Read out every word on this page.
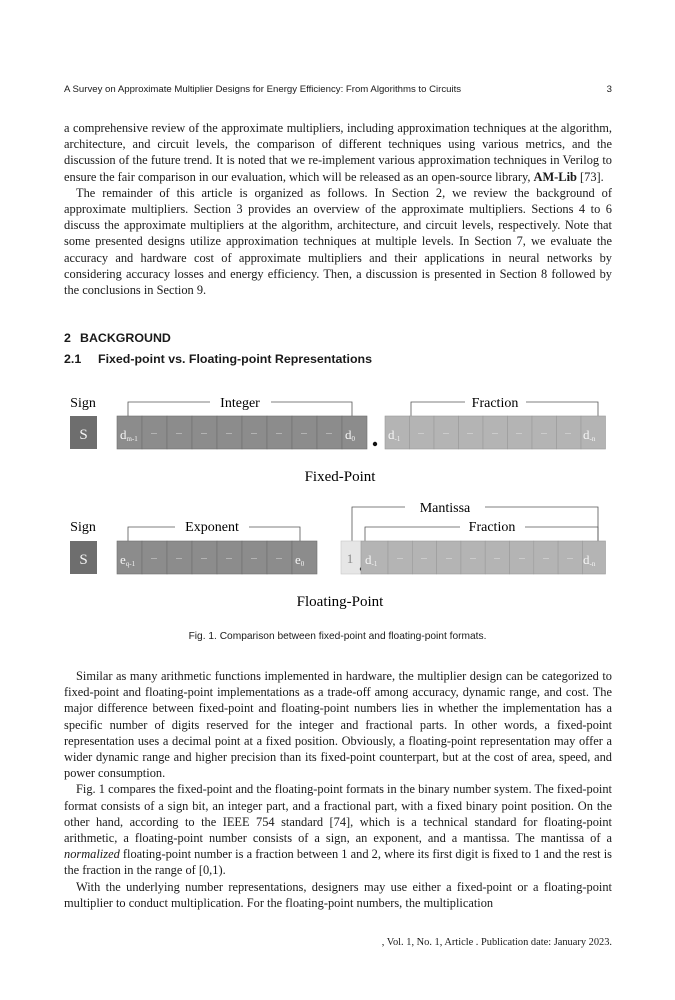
A Survey on Approximate Multiplier Designs for Energy Efficiency: From Algorithms to Circuits	3

a comprehensive review of the approximate multipliers, including approximation techniques at the algorithm, architecture, and circuit levels, the comparison of different techniques using various metrics, and the discussion of the future trend. It is noted that we re-implement various approximation techniques in Verilog to ensure the fair comparison in our evaluation, which will be released as an open-source library, AM-Lib [73].

The remainder of this article is organized as follows. In Section 2, we review the background of approximate multipliers. Section 3 provides an overview of the approximate multipliers. Sections 4 to 6 discuss the approximate multipliers at the algorithm, architecture, and circuit levels, respectively. Note that some presented designs utilize approximation techniques at multiple levels. In Section 7, we evaluate the accuracy and hardware cost of approximate multipliers and their applications in neural networks by considering accuracy losses and energy efficiency. Then, a discussion is presented in Section 8 followed by the conclusions in Section 9.

2 BACKGROUND
2.1 Fixed-point vs. Floating-point Representations
Sign	Integer	Fraction
S dm-1
... ... ... ... ... ... ... ... d0	d-1
... ... ... ... ... ... ... d-n
Fixed-Point
Mantissa
Sign	Exponent	Fraction
S eq-1
... ... ... ... ... ... e0	1 d-1
... ... ... ... ... ... ... ... d-n
Floating-Point
Fig. 1. Comparison between fixed-point and floating-point formats.

Similar as many arithmetic functions implemented in hardware, the multiplier design can be categorized to fixed-point and floating-point implementations as a trade-off among accuracy, dynamic range, and cost. The major difference between fixed-point and floating-point numbers lies in whether the implementation has a specific number of digits reserved for the integer and fractional parts. In other words, a fixed-point representation uses a decimal point at a fixed position. Obviously, a floating-point representation may offer a wider dynamic range and higher precision than its fixed-point counterpart, but at the cost of area, speed, and power consumption.

Fig. 1 compares the fixed-point and the floating-point formats in the binary number system. The fixed-point format consists of a sign bit, an integer part, and a fractional part, with a fixed binary point position. On the other hand, according to the IEEE 754 standard [74], which is a technical standard for floating-point arithmetic, a floating-point number consists of a sign, an exponent, and a mantissa. The mantissa of a normalized floating-point number is a fraction between 1 and 2, where its first digit is fixed to 1 and the rest is the fraction in the range of [0,1).

With the underlying number representations, designers may use either a fixed-point or a floating-point multiplier to conduct multiplication. For the floating-point numbers, the multiplication

, Vol. 1, No. 1, Article . Publication date: January 2023.
